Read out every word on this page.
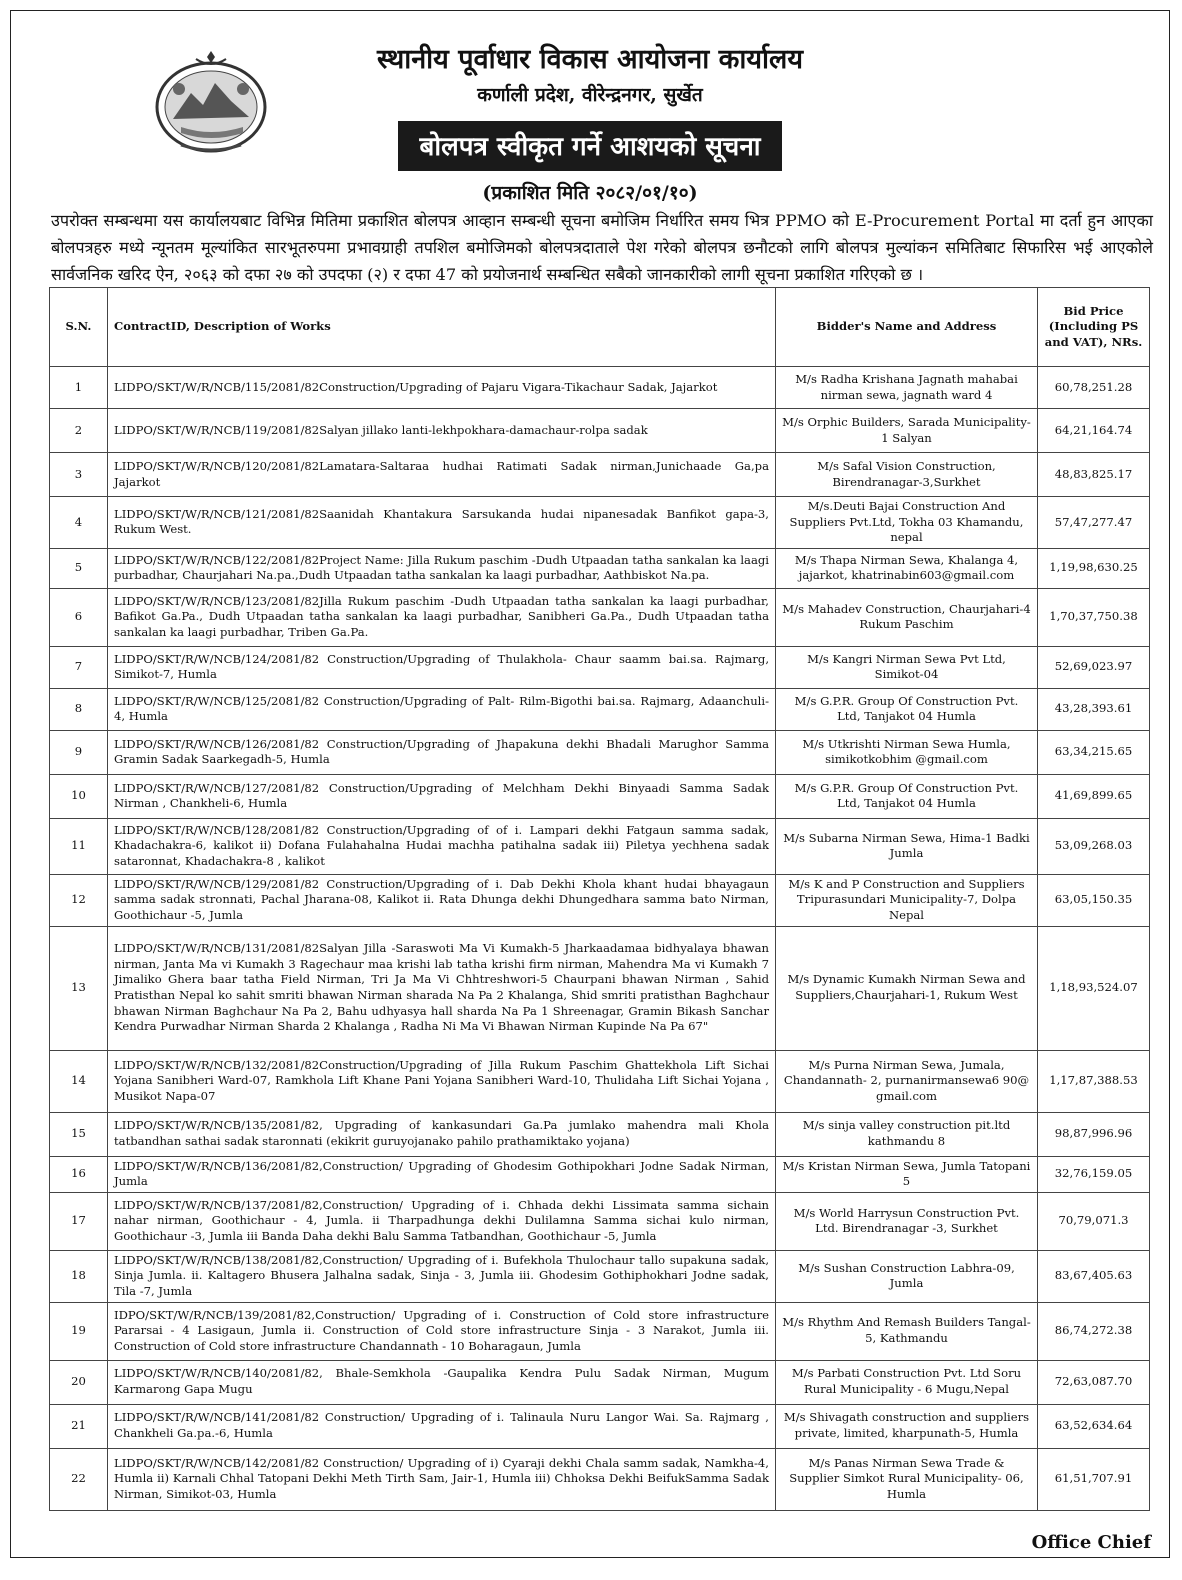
स्थानीय पूर्वाधार विकास आयोजना कार्यालय
कर्णाली प्रदेश, वीरेन्द्रनगर, सुर्खेत
बोलपत्र स्वीकृत गर्ने आशयको सूचना
(प्रकाशित मिति २०८२/०१/१०)
उपरोक्त सम्बन्धमा यस कार्यालयबाट विभिन्न मितिमा प्रकाशित बोलपत्र आव्हान सम्बन्धी सूचना बमोजिम निर्धारित समय भित्र PPMO को E-Procurement Portal मा दर्ता हुन आएका बोलपत्रहरु मध्ये न्यूनतम मूल्यांकित सारभूतरुपमा प्रभावग्राही तपशिल बमोजिमको बोलपत्रदाताले पेश गरेको बोलपत्र छनौटको लागि बोलपत्र मुल्यांकन समितिबाट सिफारिस भई आएकोले सार्वजनिक खरिद ऐन, २०६३ को दफा २७ को उपदफा (२) र दफा 47 को प्रयोजनार्थ सम्बन्धित सबैको जानकारीको लागी सूचना प्रकाशित गरिएको छ ।
S.N.	ContractID, Description of Works	Bidder's Name and Address	Bid Price (Including PS and VAT), NRs.
1	LIDPO/SKT/W/R/NCB/115/2081/82Construction/Upgrading of Pajaru Vigara-Tikachaur Sadak, Jajarkot	M/s Radha Krishana Jagnath mahabai nirman sewa, jagnath ward 4	60,78,251.28
2	LIDPO/SKT/W/R/NCB/119/2081/82Salyan jillako lanti-lekhpokhara-damachaur-rolpa sadak	M/s Orphic Builders, Sarada Municipality- 1 Salyan	64,21,164.74
3	LIDPO/SKT/W/R/NCB/120/2081/82Lamatara-Saltaraa hudhai Ratimati Sadak nirman,Junichaade Ga,pa Jajarkot	M/s Safal Vision Construction, Birendranagar-3,Surkhet	48,83,825.17
4	LIDPO/SKT/W/R/NCB/121/2081/82Saanidah Khantakura Sarsukanda hudai nipanesadak Banfikot gapa-3, Rukum West.	M/s.Deuti Bajai Construction And Suppliers Pvt.Ltd, Tokha 03 Khamandu, nepal	57,47,277.47
5	LIDPO/SKT/W/R/NCB/122/2081/82Project Name: Jilla Rukum paschim -Dudh Utpaadan tatha sankalan ka laagi purbadhar, Chaurjahari Na.pa.,Dudh Utpaadan tatha sankalan ka laagi purbadhar, Aathbiskot Na.pa.	M/s Thapa Nirman Sewa, Khalanga 4, jajarkot, khatrinabin603@gmail.com	1,19,98,630.25
6	LIDPO/SKT/W/R/NCB/123/2081/82Jilla Rukum paschim -Dudh Utpaadan tatha sankalan ka laagi purbadhar, Bafikot Ga.Pa., Dudh Utpaadan tatha sankalan ka laagi purbadhar, Sanibheri Ga.Pa., Dudh Utpaadan tatha sankalan ka laagi purbadhar, Triben Ga.Pa.	M/s Mahadev Construction, Chaurjahari-4 Rukum Paschim	1,70,37,750.38
7	LIDPO/SKT/R/W/NCB/124/2081/82 Construction/Upgrading of Thulakhola- Chaur saamm bai.sa. Rajmarg, Simikot-7, Humla	M/s Kangri Nirman Sewa Pvt Ltd, Simikot-04	52,69,023.97
8	LIDPO/SKT/R/W/NCB/125/2081/82 Construction/Upgrading of Palt- Rilm-Bigothi bai.sa. Rajmarg, Adaanchuli-4, Humla	M/s G.P.R. Group Of Construction Pvt. Ltd, Tanjakot 04 Humla	43,28,393.61
9	LIDPO/SKT/R/W/NCB/126/2081/82 Construction/Upgrading of Jhapakuna dekhi Bhadali Marughor Samma Gramin Sadak Saarkegadh-5, Humla	M/s Utkrishti Nirman Sewa Humla, simikotkobhim @gmail.com	63,34,215.65
10	LIDPO/SKT/R/W/NCB/127/2081/82 Construction/Upgrading of Melchham Dekhi Binyaadi Samma Sadak Nirman , Chankheli-6, Humla	M/s G.P.R. Group Of Construction Pvt. Ltd, Tanjakot 04 Humla	41,69,899.65
11	LIDPO/SKT/R/W/NCB/128/2081/82 Construction/Upgrading of of i. Lampari dekhi Fatgaun samma sadak, Khadachakra-6, kalikot ii) Dofana Fulahahalna Hudai machha patihalna sadak iii) Piletya yechhena sadak sataronnat, Khadachakra-8 , kalikot	M/s Subarna Nirman Sewa, Hima-1 Badki Jumla	53,09,268.03
12	LIDPO/SKT/R/W/NCB/129/2081/82 Construction/Upgrading of i. Dab Dekhi Khola khant hudai bhayagaun samma sadak stronnati, Pachal Jharana-08, Kalikot ii. Rata Dhunga dekhi Dhungedhara samma bato Nirman, Goothichaur -5, Jumla	M/s K and P Construction and Suppliers Tripurasundari Municipality-7, Dolpa Nepal	63,05,150.35
13	LIDPO/SKT/W/R/NCB/131/2081/82Salyan Jilla -Saraswoti Ma Vi Kumakh-5 Jharkaadamaa bidhyalaya bhawan nirman, Janta Ma vi Kumakh 3 Ragechaur maa krishi lab tatha krishi firm nirman, Mahendra Ma vi Kumakh 7 Jimaliko Ghera baar tatha Field Nirman, Tri Ja Ma Vi Chhtreshwori-5 Chaurpani bhawan Nirman , Sahid Pratisthan Nepal ko sahit smriti bhawan Nirman sharada Na Pa 2 Khalanga, Shid smriti pratisthan Baghchaur bhawan Nirman Baghchaur Na Pa 2, Bahu udhyasya hall sharda Na Pa 1 Shreenagar, Gramin Bikash Sanchar Kendra Purwadhar Nirman Sharda 2 Khalanga , Radha Ni Ma Vi Bhawan Nirman Kupinde Na Pa 67"	M/s Dynamic Kumakh Nirman Sewa and Suppliers,Chaurjahari-1, Rukum West	1,18,93,524.07
14	LIDPO/SKT/W/R/NCB/132/2081/82Construction/Upgrading of Jilla Rukum Paschim Ghattekhola Lift Sichai Yojana Sanibheri Ward-07, Ramkhola Lift Khane Pani Yojana Sanibheri Ward-10, Thulidaha Lift Sichai Yojana , Musikot Napa-07	M/s Purna Nirman Sewa, Jumala, Chandannath- 2, purnanirmansewa6 90@ gmail.com	1,17,87,388.53
15	LIDPO/SKT/W/R/NCB/135/2081/82, Upgrading of kankasundari Ga.Pa jumlako mahendra mali Khola tatbandhan sathai sadak staronnati (ekikrit guruyojanako pahilo prathamiktako yojana)	M/s sinja valley construction pit.ltd kathmandu 8	98,87,996.96
16	LIDPO/SKT/W/R/NCB/136/2081/82,Construction/ Upgrading of Ghodesim Gothipokhari Jodne Sadak Nirman, Jumla	M/s Kristan Nirman Sewa, Jumla Tatopani 5	32,76,159.05
17	LIDPO/SKT/W/R/NCB/137/2081/82,Construction/ Upgrading of i. Chhada dekhi Lissimata samma sichain nahar nirman, Goothichaur - 4, Jumla. ii Tharpadhunga dekhi Dulilamna Samma sichai kulo nirman, Goothichaur -3, Jumla iii Banda Daha dekhi Balu Samma Tatbandhan, Goothichaur -5, Jumla	M/s World Harrysun Construction Pvt. Ltd. Birendranagar -3, Surkhet	70,79,071.3
18	LIDPO/SKT/W/R/NCB/138/2081/82,Construction/ Upgrading of i. Bufekhola Thulochaur tallo supakuna sadak, Sinja Jumla. ii. Kaltagero Bhusera Jalhalna sadak, Sinja - 3, Jumla iii. Ghodesim Gothiphokhari Jodne sadak, Tila -7, Jumla	M/s Sushan Construction Labhra-09, Jumla	83,67,405.63
19	IDPO/SKT/W/R/NCB/139/2081/82,Construction/ Upgrading of i. Construction of Cold store infrastructure Pararsai - 4 Lasigaun, Jumla ii. Construction of Cold store infrastructure Sinja - 3 Narakot, Jumla iii. Construction of Cold store infrastructure Chandannath - 10 Boharagaun, Jumla	M/s Rhythm And Remash Builders Tangal-5, Kathmandu	86,74,272.38
20	LIDPO/SKT/W/R/NCB/140/2081/82, Bhale-Semkhola -Gaupalika Kendra Pulu Sadak Nirman, Mugum Karmarong Gapa Mugu	M/s Parbati Construction Pvt. Ltd Soru Rural Municipality - 6 Mugu,Nepal	72,63,087.70
21	LIDPO/SKT/R/W/NCB/141/2081/82 Construction/ Upgrading of i. Talinaula Nuru Langor Wai. Sa. Rajmarg , Chankheli Ga.pa.-6, Humla	M/s Shivagath construction and suppliers private, limited, kharpunath-5, Humla	63,52,634.64
22	LIDPO/SKT/R/W/NCB/142/2081/82 Construction/ Upgrading of i) Cyaraji dekhi Chala samm sadak, Namkha-4, Humla ii) Karnali Chhal Tatopani Dekhi Meth Tirth Sam, Jair-1, Humla iii) Chhoksa Dekhi BeifukSamma Sadak Nirman, Simikot-03, Humla	M/s Panas Nirman Sewa Trade & Supplier Simkot Rural Municipality- 06, Humla	61,51,707.91
Office Chief
